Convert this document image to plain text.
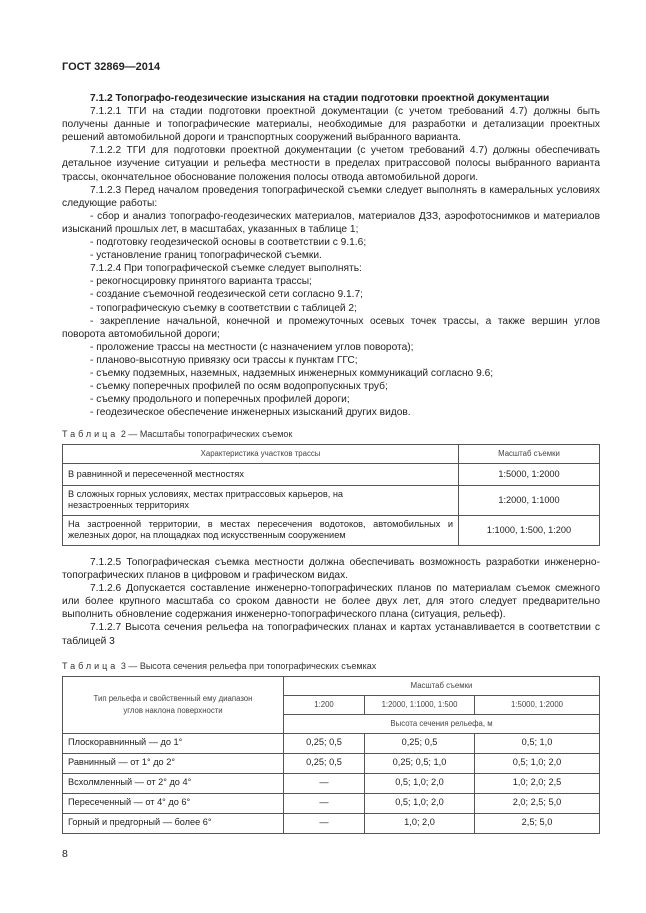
ГОСТ 32869—2014

7.1.2 Топографо-геодезические изыскания на стадии подготовки проектной документации

7.1.2.1 ТГИ на стадии подготовки проектной документации (с учетом требований 4.7) должны быть получены данные и топографические материалы, необходимые для разработки и детализации проектных решений автомобильной дороги и транспортных сооружений выбранного варианта.

7.1.2.2 ТГИ для подготовки проектной документации (с учетом требований 4.7) должны обеспечивать детальное изучение ситуации и рельефа местности в пределах притрассовой полосы выбранного варианта трассы, окончательное обоснование положения полосы отвода автомобильной дороги.

7.1.2.3 Перед началом проведения топографической съемки следует выполнять в камеральных условиях следующие работы:

- сбор и анализ топографо-геодезических материалов, материалов ДЗЗ, аэрофотоснимков и материалов изысканий прошлых лет, в масштабах, указанных в таблице 1;

- подготовку геодезической основы в соответствии с 9.1.6;

- установление границ топографической съемки.

7.1.2.4 При топографической съемке следует выполнять:

- рекогносцировку принятого варианта трассы;

- создание съемочной геодезической сети согласно 9.1.7;

- топографическую съемку в соответствии с таблицей 2;

- закрепление начальной, конечной и промежуточных осевых точек трассы, а также вершин углов поворота автомобильной дороги;

- проложение трассы на местности (с назначением углов поворота);

- планово-высотную привязку оси трассы к пунктам ГГС;

- съемку подземных, наземных, надземных инженерных коммуникаций согласно 9.6;

- съемку поперечных профилей по осям водопропускных труб;

- съемку продольного и поперечных профилей дороги;

- геодезическое обеспечение инженерных изысканий других видов.

Таблица 2 — Масштабы топографических съемок
Характеристика участков трассы	Масштаб съемки
В равнинной и пересеченной местностях	1:5000, 1:2000
В сложных горных условиях, местах притрассовых карьеров, на незастроенных территориях	1:2000, 1:1000
На застроенной территории, в местах пересечения водотоков, автомобильных и железных дорог, на площадках под искусственным сооружением	1:1000, 1:500, 1:200

7.1.2.5 Топографическая съемка местности должна обеспечивать возможность разработки инженерно-топографических планов в цифровом и графическом видах.

7.1.2.6 Допускается составление инженерно-топографических планов по материалам съемок смежного или более крупного масштаба со сроком давности не более двух лет, для этого следует предварительно выполнить обновление содержания инженерно-топографического плана (ситуация, рельеф).

7.1.2.7 Высота сечения рельефа на топографических планах и картах устанавливается в соответствии с таблицей 3

Таблица 3 — Высота сечения рельефа при топографических съемках
Тип рельефа и свойственный ему диапазон углов наклона поверхности	Масштаб съемки		
	1:200	1:2000, 1:1000, 1:500	1:5000, 1:2000
	Высота сечения рельефа, м		
Плоскоравнинный — до 1°	0,25; 0,5	0,25; 0,5	0,5; 1,0
Равнинный — от 1° до 2°	0,25; 0,5	0,25; 0,5; 1,0	0,5; 1,0; 2,0
Всхолмленный — от 2° до 4°	—	0,5; 1,0; 2,0	1,0; 2,0; 2,5
Пересеченный — от 4° до 6°	—	0,5; 1,0; 2,0	2,0; 2,5; 5,0
Горный и предгорный — более 6°	—	1,0; 2,0	2,5; 5,0
8
